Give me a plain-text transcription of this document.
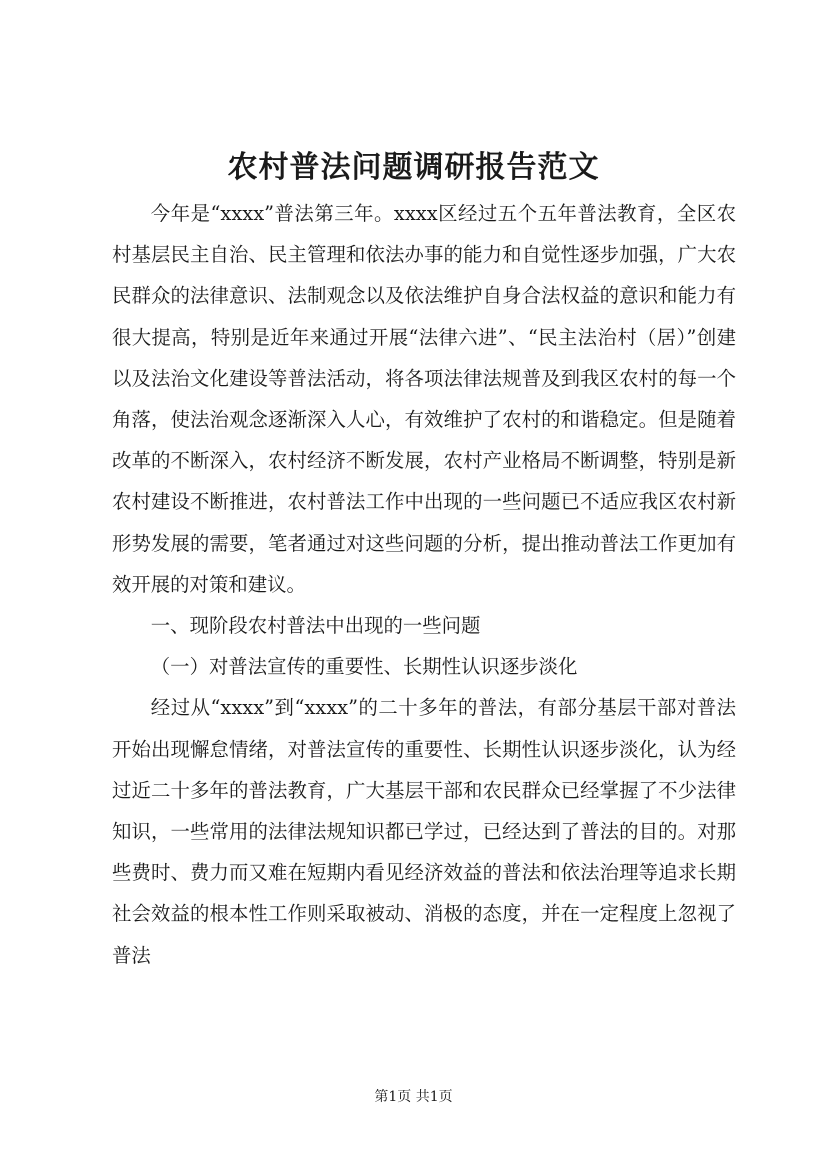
农村普法问题调研报告范文

今年是“xxxx”普法第三年。xxxx区经过五个五年普法教育，全区农村基层民主自治、民主管理和依法办事的能力和自觉性逐步加强，广大农民群众的法律意识、法制观念以及依法维护自身合法权益的意识和能力有很大提高，特别是近年来通过开展“法律六进”、“民主法治村（居）”创建以及法治文化建设等普法活动，将各项法律法规普及到我区农村的每一个角落，使法治观念逐渐深入人心，有效维护了农村的和谐稳定。但是随着改革的不断深入，农村经济不断发展，农村产业格局不断调整，特别是新农村建设不断推进，农村普法工作中出现的一些问题已不适应我区农村新形势发展的需要，笔者通过对这些问题的分析，提出推动普法工作更加有效开展的对策和建议。

一、现阶段农村普法中出现的一些问题

（一）对普法宣传的重要性、长期性认识逐步淡化

经过从“xxxx”到“xxxx”的二十多年的普法，有部分基层干部对普法开始出现懈怠情绪，对普法宣传的重要性、长期性认识逐步淡化，认为经过近二十多年的普法教育，广大基层干部和农民群众已经掌握了不少法律知识，一些常用的法律法规知识都已学过，已经达到了普法的目的。对那些费时、费力而又难在短期内看见经济效益的普法和依法治理等追求长期社会效益的根本性工作则采取被动、消极的态度，并在一定程度上忽视了普法

第1页 共1页
